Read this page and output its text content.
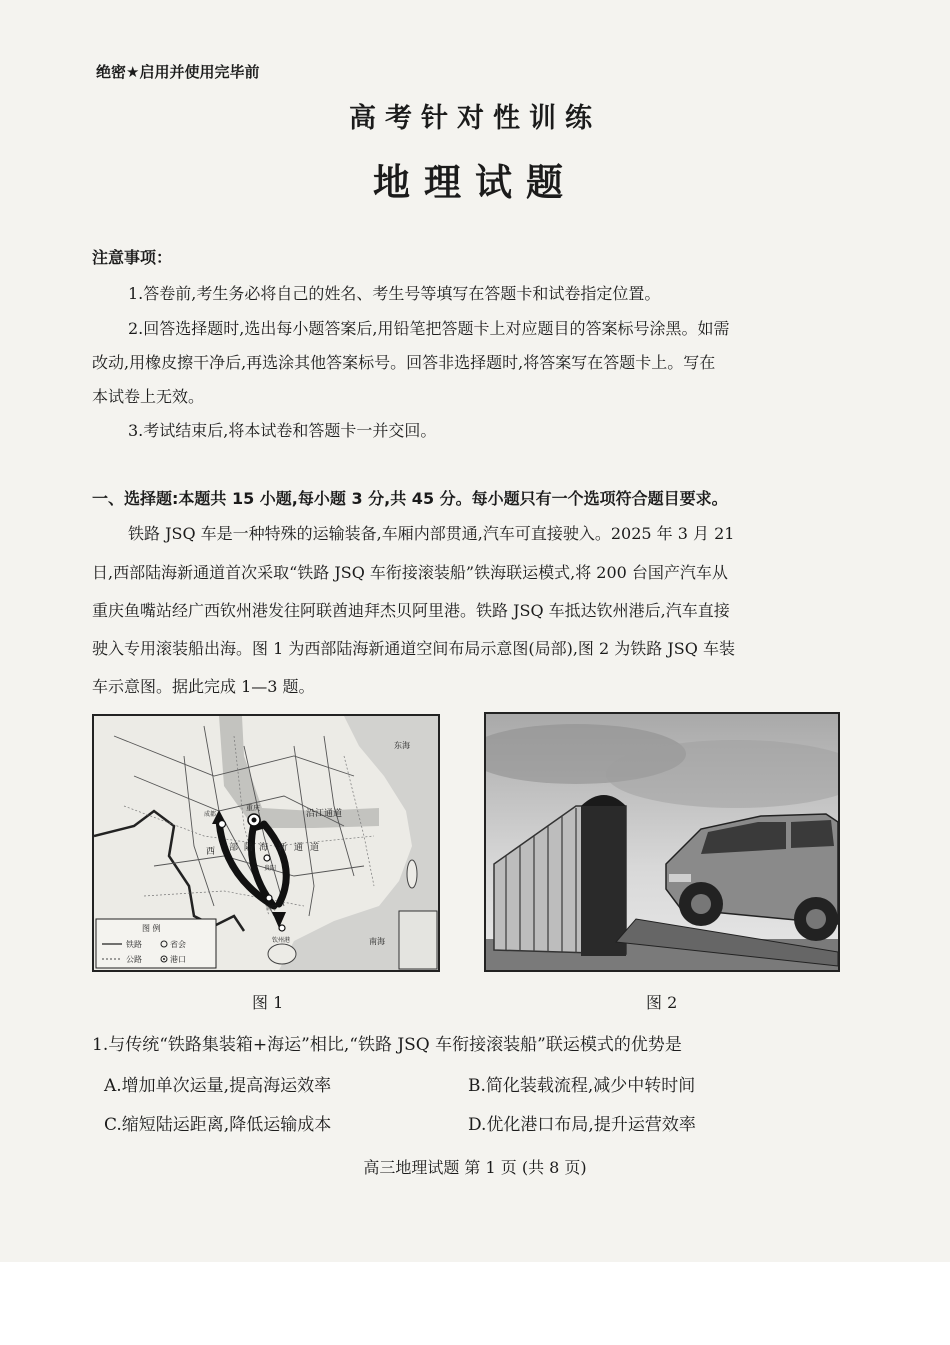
绝密★启用并使用完毕前
高考针对性训练
地理试题
注意事项：
1.答卷前,考生务必将自己的姓名、考生号等填写在答题卡和试卷指定位置。
2.回答选择题时,选出每小题答案后,用铅笔把答题卡上对应题目的答案标号涂黑。如需
改动,用橡皮擦干净后,再选涂其他答案标号。回答非选择题时,将答案写在答题卡上。写在
本试卷上无效。
3.考试结束后,将本试卷和答题卡一并交回。
一、选择题:本题共 15 小题,每小题 3 分,共 45 分。每小题只有一个选项符合题目要求。
铁路 JSQ 车是一种特殊的运输装备,车厢内部贯通,汽车可直接驶入。2025 年 3 月 21
日,西部陆海新通道首次采取“铁路 JSQ 车衔接滚装船”铁海联运模式,将 200 台国产汽车从
重庆鱼嘴站经广西钦州港发往阿联酋迪拜杰贝阿里港。铁路 JSQ 车抵达钦州港后,汽车直接
驶入专用滚装船出海。图 1 为西部陆海新通道空间布局示意图(局部),图 2 为铁路 JSQ 车装
车示意图。据此完成 1—3 题。
东海
南海
沿江通道
成都
重庆
贵阳
南宁
钦州港
西 部 陆 海 新 通 道
图 例
铁路	省会
公路	港口
图 1	图 2
1.与传统“铁路集装箱+海运”相比,“铁路 JSQ 车衔接滚装船”联运模式的优势是
A.增加单次运量,提高海运效率	B.简化装载流程,减少中转时间
C.缩短陆运距离,降低运输成本	D.优化港口布局,提升运营效率
高三地理试题 第 1 页 (共 8 页)
